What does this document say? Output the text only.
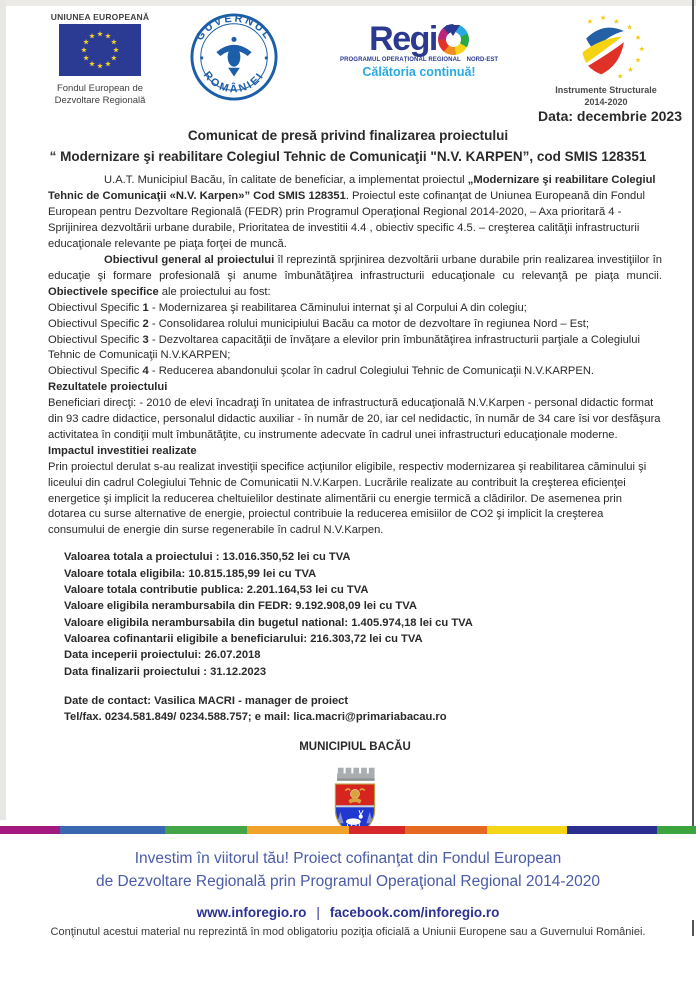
UNIUNEA EUROPEANĂ
Fondul European de Dezvoltare Regională
GUVERNUL
ROMÂNIEI
Regi
PROGRAMUL OPERAȚIONAL REGIONAL NORD-EST
Călătoria continuă!
Instrumente Structurale
2014-2020
Data: decembrie 2023
Comunicat de presă privind finalizarea proiectului
“ Modernizare şi reabilitare Colegiul Tehnic de Comunicaţii "N.V. KARPEN”, cod SMIS 128351

U.A.T. Municipiul Bacău, în calitate de beneficiar, a implementat proiectul „Modernizare şi reabilitare Colegiul Tehnic de Comunicaţii «N.V. Karpen»” Cod SMIS 128351. Proiectul este cofinanţat de Uniunea Europeană din Fondul European pentru Dezvoltare Regională (FEDR) prin Programul Operaţional Regional 2014-2020, – Axa prioritară 4 - Sprijinirea dezvoltării urbane durabile, Prioritatea de investitii 4.4 , obiectiv specific 4.5. – creşterea calităţii infrastructurii educaţionale relevante pe piaţa forţei de muncă.

Obiectivul general al proiectului îl reprezintă sprjinirea dezvoltării urbane durabile prin realizarea investiţiilor în educaţie şi formare profesională şi anume îmbunătăţirea infrastructurii educaţionale cu relevanţă pe piaţa muncii. Obiectivele specifice ale proiectului au fost:

Obiectivul Specific 1 - Modernizarea şi reabilitarea Căminului internat şi al Corpului A din colegiu;

Obiectivul Specific 2 - Consolidarea rolului municipiului Bacău ca motor de dezvoltare în regiunea Nord – Est;

Obiectivul Specific 3 - Dezvoltarea capacităţii de învăţare a elevilor prin îmbunătăţirea infrastructurii parţiale a Colegiului Tehnic de Comunicaţii N.V.KARPEN;

Obiectivul Specific 4 - Reducerea abandonului şcolar în cadrul Colegiului Tehnic de Comunicaţii N.V.KARPEN.

Rezultatele proiectului

Beneficiari direcţi: - 2010 de elevi încadraţi în unitatea de infrastructură educaţională N.V.Karpen - personal didactic format din 93 cadre didactice, personalul didactic auxiliar - în număr de 20, iar cel nedidactic, în număr de 34 care îsi vor desfăşura activitatea în condiţii mult îmbunătăţite, cu instrumente adecvate în cadrul unei infrastructuri educaţionale moderne.

Impactul investitiei realizate

Prin proiectul derulat s-au realizat investiţii specifice acţiunilor eligibile, respectiv modernizarea şi reabilitarea căminului şi liceului din cadrul Colegiului Tehnic de Comunicatii N.V.Karpen. Lucrările realizate au contribuit la creşterea eficienţei energetice şi implicit la reducerea cheltuielilor destinate alimentării cu energie termică a clădirilor. De asemenea prin dotarea cu surse alternative de energie, proiectul contribuie la reducerea emisiilor de CO2 şi implicit la creşterea consumului de energie din surse regenerabile în cadrul N.V.Karpen.

Valoarea totala a proiectului : 13.016.350,52 lei cu TVA
Valoare totala eligibila: 10.815.185,99 lei cu TVA
Valoare totala contributie publica: 2.201.164,53 lei cu TVA
Valoare eligibila nerambursabila din FEDR: 9.192.908,09 lei cu TVA
Valoare eligibila nerambursabila din bugetul national: 1.405.974,18 lei cu TVA
Valoarea cofinantarii eligibile a beneficiarului: 216.303,72 lei cu TVA
Data inceperii proiectului: 26.07.2018
Data finalizarii proiectului : 31.12.2023
Date de contact: Vasilica MACRI - manager de proiect
Tel/fax. 0234.581.849/ 0234.588.757; e mail: lica.macri@primariabacau.ro
MUNICIPIUL BACĂU
Investim în viitorul tău! Proiect cofinanţat din Fondul European
de Dezvoltare Regională prin Programul Operaţional Regional 2014-2020
www.inforegio.ro | facebook.com/inforegio.ro
Conţinutul acestui material nu reprezintă în mod obligatoriu poziţia oficială a Uniunii Europene sau a Guvernului României.
